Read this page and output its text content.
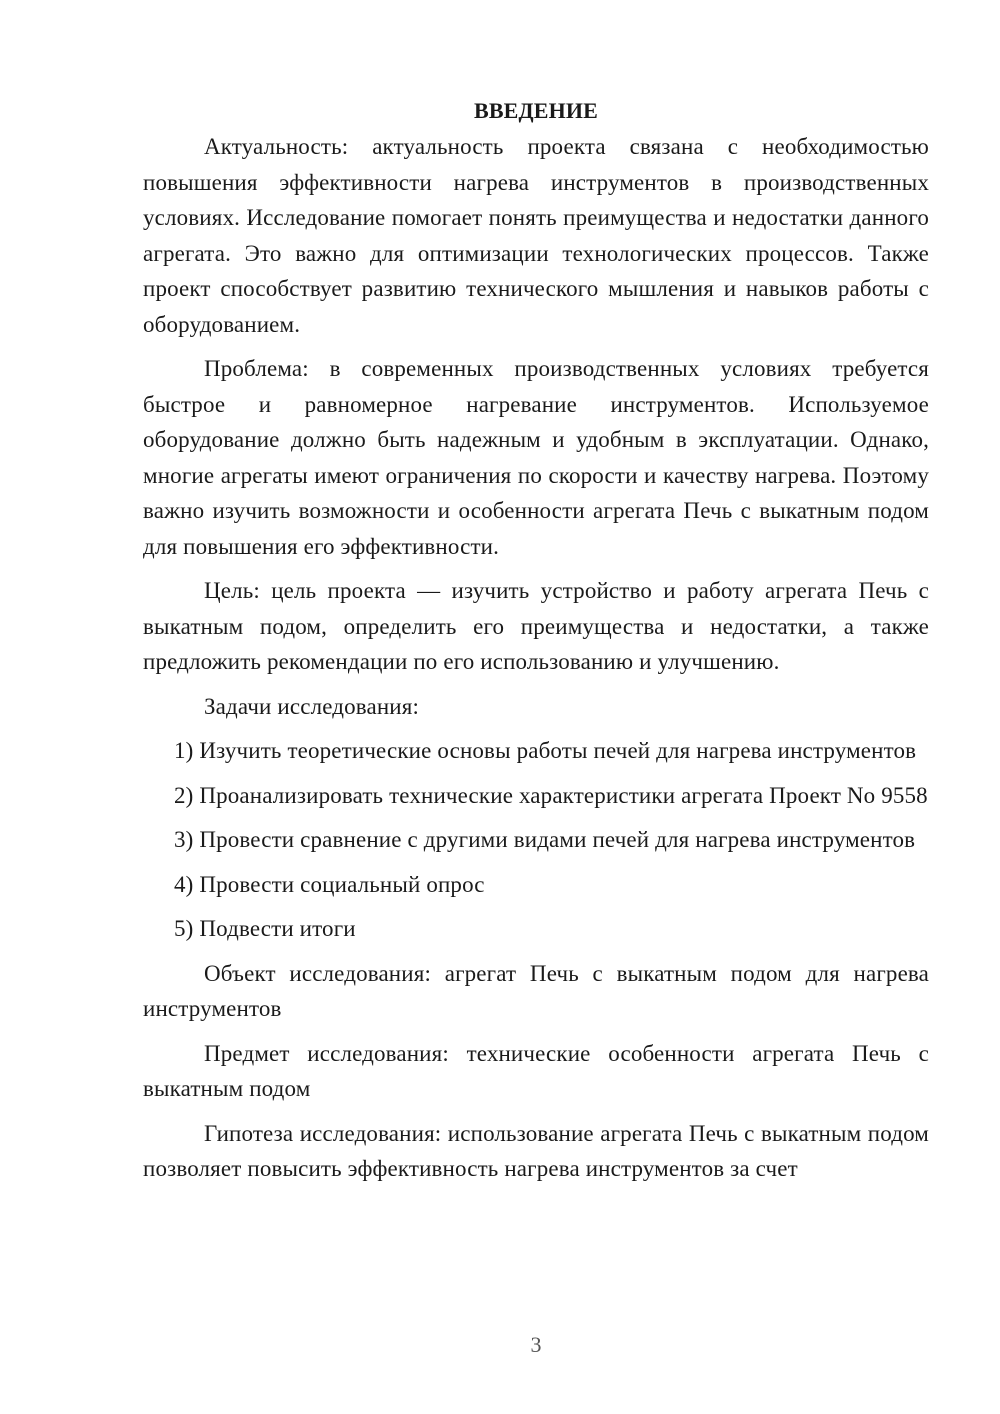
ВВЕДЕНИЕ

Актуальность: актуальность проекта связана с необходимостью повышения эффективности нагрева инструментов в производственных условиях. Исследование помогает понять преимущества и недостатки данного агрегата. Это важно для оптимизации технологических процессов. Также проект способствует развитию технического мышления и навыков работы с оборудованием.

Проблема: в современных производственных условиях требуется быстрое и равномерное нагревание инструментов. Используемое оборудование должно быть надежным и удобным в эксплуатации. Однако, многие агрегаты имеют ограничения по скорости и качеству нагрева. Поэтому важно изучить возможности и особенности агрегата Печь с выкатным подом для повышения его эффективности.

Цель: цель проекта — изучить устройство и работу агрегата Печь с выкатным подом, определить его преимущества и недостатки, а также предложить рекомендации по его использованию и улучшению.

Задачи исследования:

1) Изучить теоретические основы работы печей для нагрева инструментов

2) Проанализировать технические характеристики агрегата Проект No 9558

3) Провести сравнение с другими видами печей для нагрева инструментов

4) Провести социальный опрос

5) Подвести итоги

Объект исследования: агрегат Печь с выкатным подом для нагрева инструментов

Предмет исследования: технические особенности агрегата Печь с выкатным подом

Гипотеза исследования: использование агрегата Печь с выкатным подом позволяет повысить эффективность нагрева инструментов за счет

3
